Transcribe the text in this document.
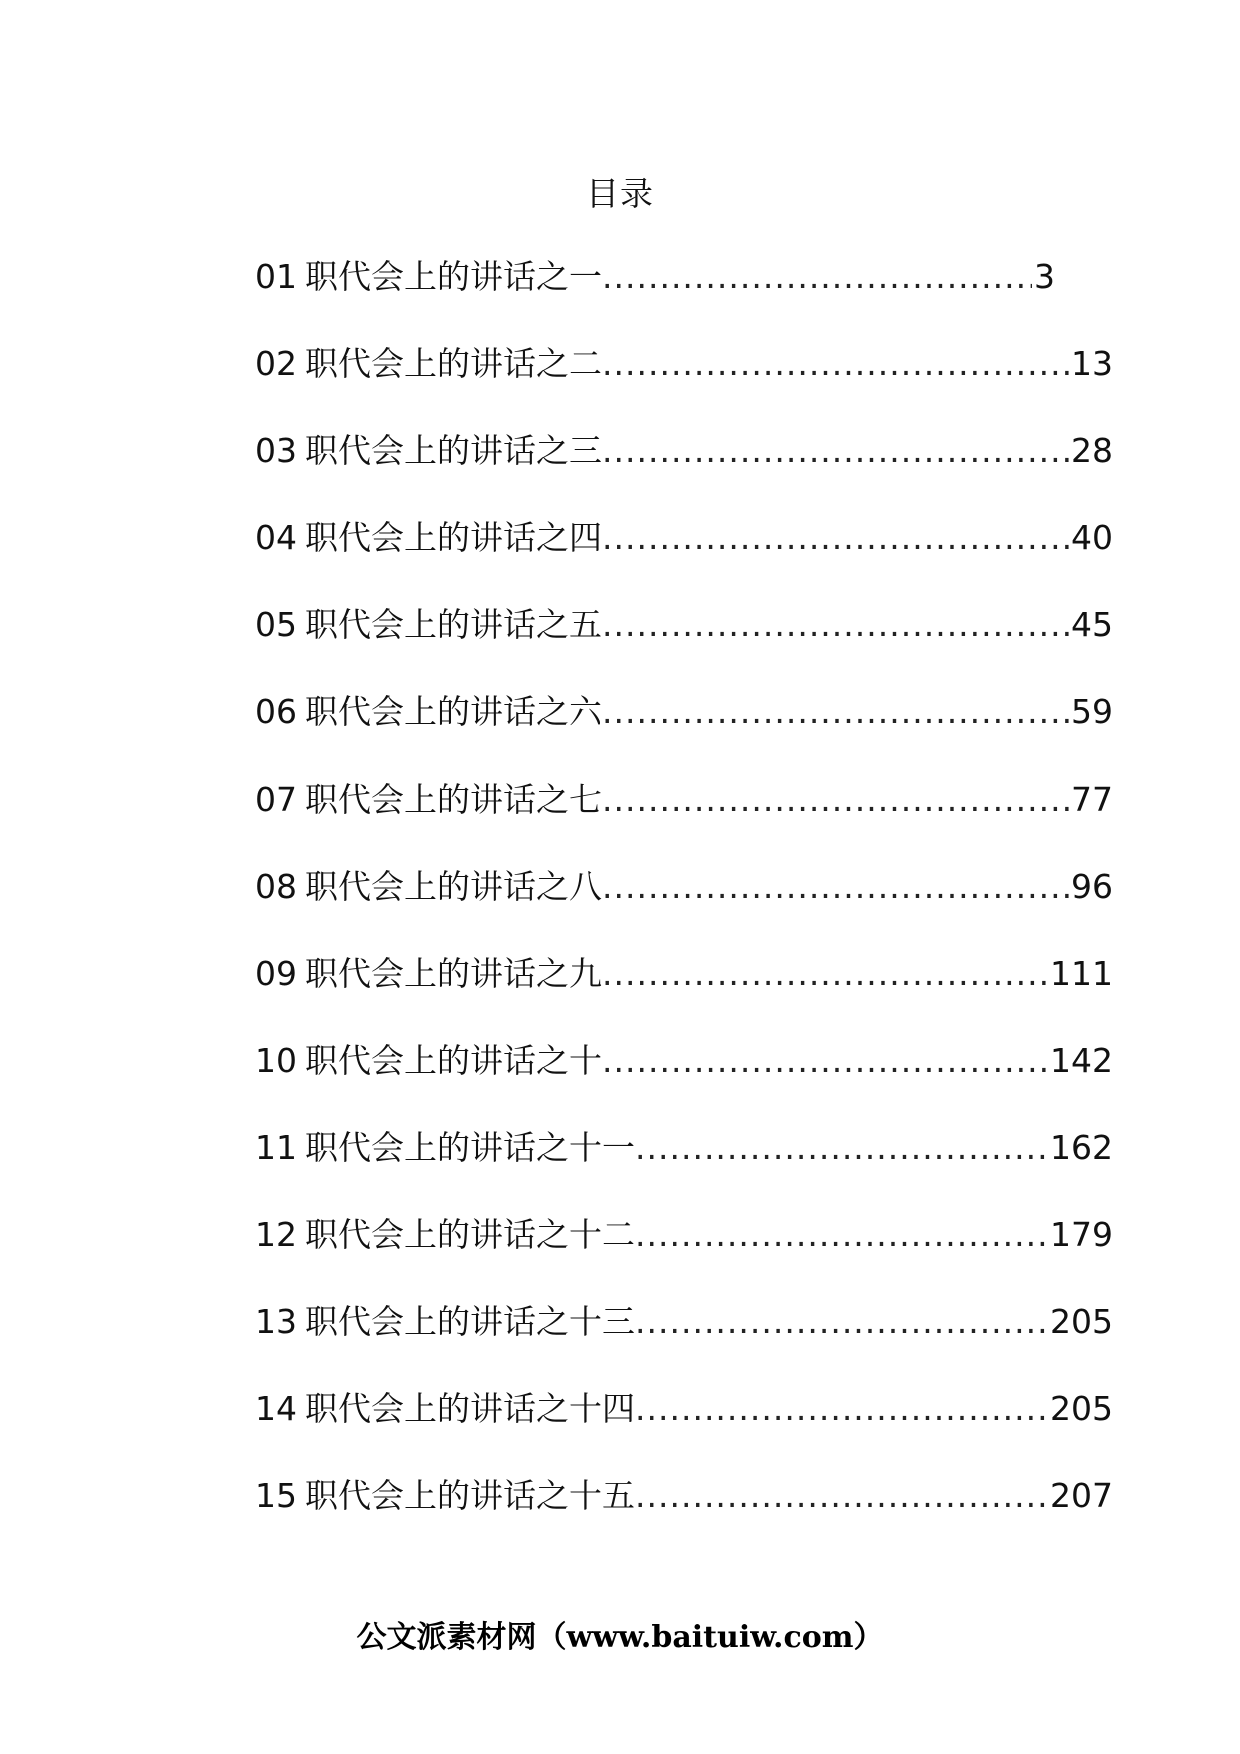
目录
01 职代会上的讲话之一 .....	3
02 职代会上的讲话之二 .....	13
03 职代会上的讲话之三 .....	28
04 职代会上的讲话之四 .....	40
05 职代会上的讲话之五 .....	45
06 职代会上的讲话之六 .....	59
07 职代会上的讲话之七 .....	77
08 职代会上的讲话之八 .....	96
09 职代会上的讲话之九 .....	111
10 职代会上的讲话之十 .....	142
11 职代会上的讲话之十一 .....	162
12 职代会上的讲话之十二 .....	179
13 职代会上的讲话之十三 .....	205
14 职代会上的讲话之十四 .....	205
15 职代会上的讲话之十五 .....	207
公文派素材网（www.baituiw.com）
